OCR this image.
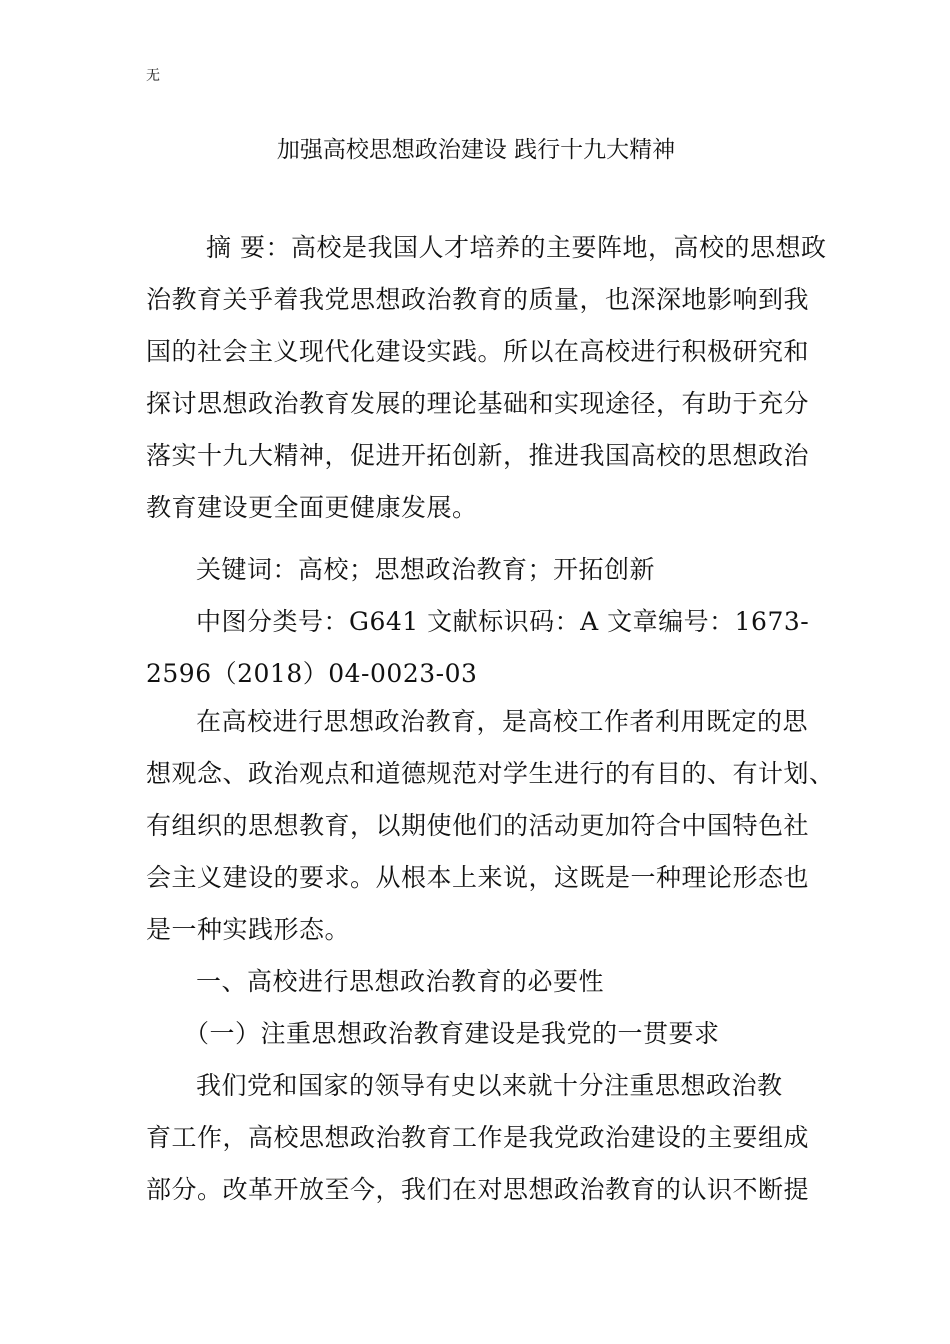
无
加强高校思想政治建设 践行十九大精神
摘 要：高校是我国人才培养的主要阵地，高校的思想政
治教育关乎着我党思想政治教育的质量，也深深地影响到我
国的社会主义现代化建设实践。所以在高校进行积极研究和
探讨思想政治教育发展的理论基础和实现途径，有助于充分
落实十九大精神，促进开拓创新，推进我国高校的思想政治
教育建设更全面更健康发展。
关键词：高校；思想政治教育；开拓创新
中图分类号：G641 文献标识码：A 文章编号：1673-
2596（2018）04-0023-03
在高校进行思想政治教育，是高校工作者利用既定的思
想观念、政治观点和道德规范对学生进行的有目的、有计划、
有组织的思想教育，以期使他们的活动更加符合中国特色社
会主义建设的要求。从根本上来说，这既是一种理论形态也
是一种实践形态。
一、高校进行思想政治教育的必要性
（一）注重思想政治教育建设是我党的一贯要求
我们党和国家的领导有史以来就十分注重思想政治教
育工作，高校思想政治教育工作是我党政治建设的主要组成
部分。改革开放至今，我们在对思想政治教育的认识不断提
